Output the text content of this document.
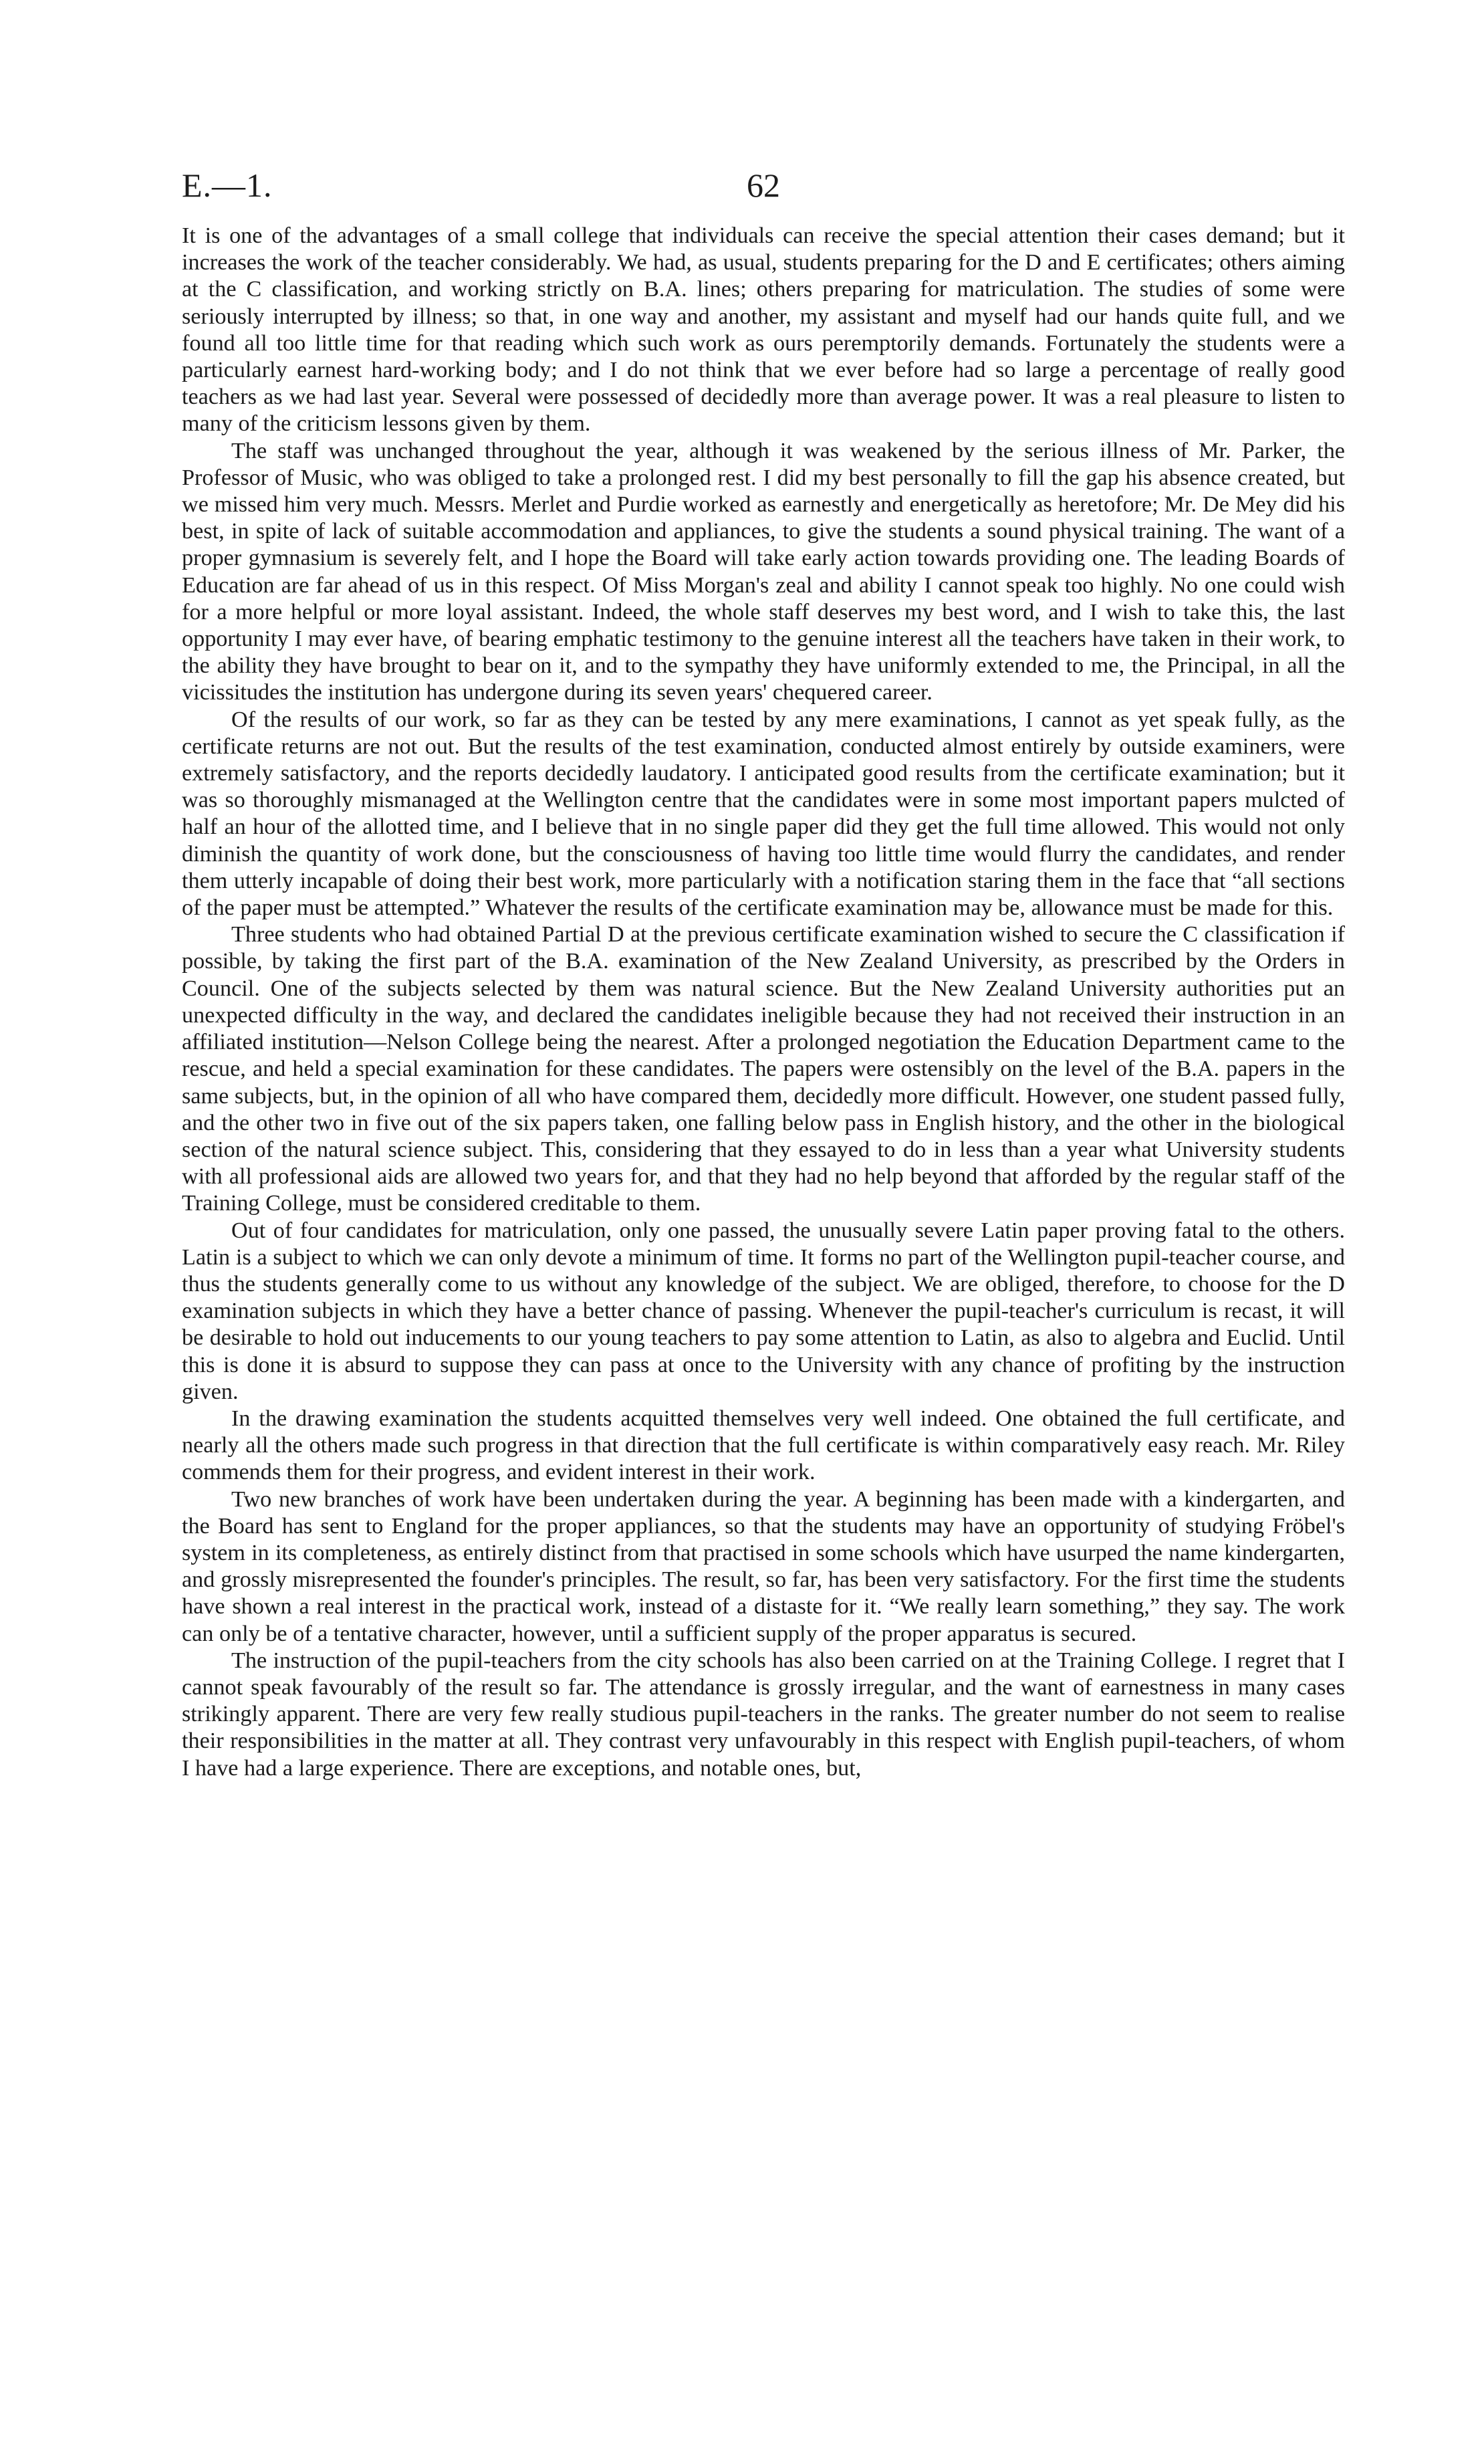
E.—1.	62

It is one of the advantages of a small college that individuals can receive the special attention their cases demand; but it increases the work of the teacher considerably. We had, as usual, students preparing for the D and E certificates; others aiming at the C classification, and working strictly on B.A. lines; others preparing for matriculation. The studies of some were seriously interrupted by illness; so that, in one way and another, my assistant and myself had our hands quite full, and we found all too little time for that reading which such work as ours peremptorily demands. Fortunately the students were a particularly earnest hard-working body; and I do not think that we ever before had so large a percentage of really good teachers as we had last year. Several were possessed of decidedly more than average power. It was a real pleasure to listen to many of the criticism lessons given by them.

The staff was unchanged throughout the year, although it was weakened by the serious illness of Mr. Parker, the Professor of Music, who was obliged to take a prolonged rest. I did my best personally to fill the gap his absence created, but we missed him very much. Messrs. Merlet and Purdie worked as earnestly and energetically as heretofore; Mr. De Mey did his best, in spite of lack of suitable accommodation and appliances, to give the students a sound physical training. The want of a proper gymnasium is severely felt, and I hope the Board will take early action towards providing one. The leading Boards of Education are far ahead of us in this respect. Of Miss Morgan's zeal and ability I cannot speak too highly. No one could wish for a more helpful or more loyal assistant. Indeed, the whole staff deserves my best word, and I wish to take this, the last opportunity I may ever have, of bearing emphatic testimony to the genuine interest all the teachers have taken in their work, to the ability they have brought to bear on it, and to the sympathy they have uniformly extended to me, the Principal, in all the vicissitudes the institution has undergone during its seven years' chequered career.

Of the results of our work, so far as they can be tested by any mere examinations, I cannot as yet speak fully, as the certificate returns are not out. But the results of the test examination, conducted almost entirely by outside examiners, were extremely satisfactory, and the reports decidedly laudatory. I anticipated good results from the certificate examination; but it was so thoroughly mismanaged at the Wellington centre that the candidates were in some most important papers mulcted of half an hour of the allotted time, and I believe that in no single paper did they get the full time allowed. This would not only diminish the quantity of work done, but the consciousness of having too little time would flurry the candidates, and render them utterly incapable of doing their best work, more particularly with a notification staring them in the face that “all sections of the paper must be attempted.” Whatever the results of the certificate examination may be, allowance must be made for this.

Three students who had obtained Partial D at the previous certificate examination wished to secure the C classification if possible, by taking the first part of the B.A. examination of the New Zealand University, as prescribed by the Orders in Council. One of the subjects selected by them was natural science. But the New Zealand University authorities put an unexpected difficulty in the way, and declared the candidates ineligible because they had not received their instruction in an affiliated institution—Nelson College being the nearest. After a prolonged negotiation the Education Department came to the rescue, and held a special examination for these candidates. The papers were ostensibly on the level of the B.A. papers in the same subjects, but, in the opinion of all who have compared them, decidedly more difficult. However, one student passed fully, and the other two in five out of the six papers taken, one falling below pass in English history, and the other in the biological section of the natural science subject. This, considering that they essayed to do in less than a year what University students with all professional aids are allowed two years for, and that they had no help beyond that afforded by the regular staff of the Training College, must be considered creditable to them.

Out of four candidates for matriculation, only one passed, the unusually severe Latin paper proving fatal to the others. Latin is a subject to which we can only devote a minimum of time. It forms no part of the Wellington pupil-teacher course, and thus the students generally come to us without any knowledge of the subject. We are obliged, therefore, to choose for the D examination subjects in which they have a better chance of passing. Whenever the pupil-teacher's curriculum is recast, it will be desirable to hold out inducements to our young teachers to pay some attention to Latin, as also to algebra and Euclid. Until this is done it is absurd to suppose they can pass at once to the University with any chance of profiting by the instruction given.

In the drawing examination the students acquitted themselves very well indeed. One obtained the full certificate, and nearly all the others made such progress in that direction that the full certificate is within comparatively easy reach. Mr. Riley commends them for their progress, and evident interest in their work.

Two new branches of work have been undertaken during the year. A beginning has been made with a kindergarten, and the Board has sent to England for the proper appliances, so that the students may have an opportunity of studying Fröbel's system in its completeness, as entirely distinct from that practised in some schools which have usurped the name kindergarten, and grossly misrepresented the founder's principles. The result, so far, has been very satisfactory. For the first time the students have shown a real interest in the practical work, instead of a distaste for it. “We really learn something,” they say. The work can only be of a tentative character, however, until a sufficient supply of the proper apparatus is secured.

The instruction of the pupil-teachers from the city schools has also been carried on at the Training College. I regret that I cannot speak favourably of the result so far. The attendance is grossly irregular, and the want of earnestness in many cases strikingly apparent. There are very few really studious pupil-teachers in the ranks. The greater number do not seem to realise their responsibilities in the matter at all. They contrast very unfavourably in this respect with English pupil-teachers, of whom I have had a large experience. There are exceptions, and notable ones, but,
